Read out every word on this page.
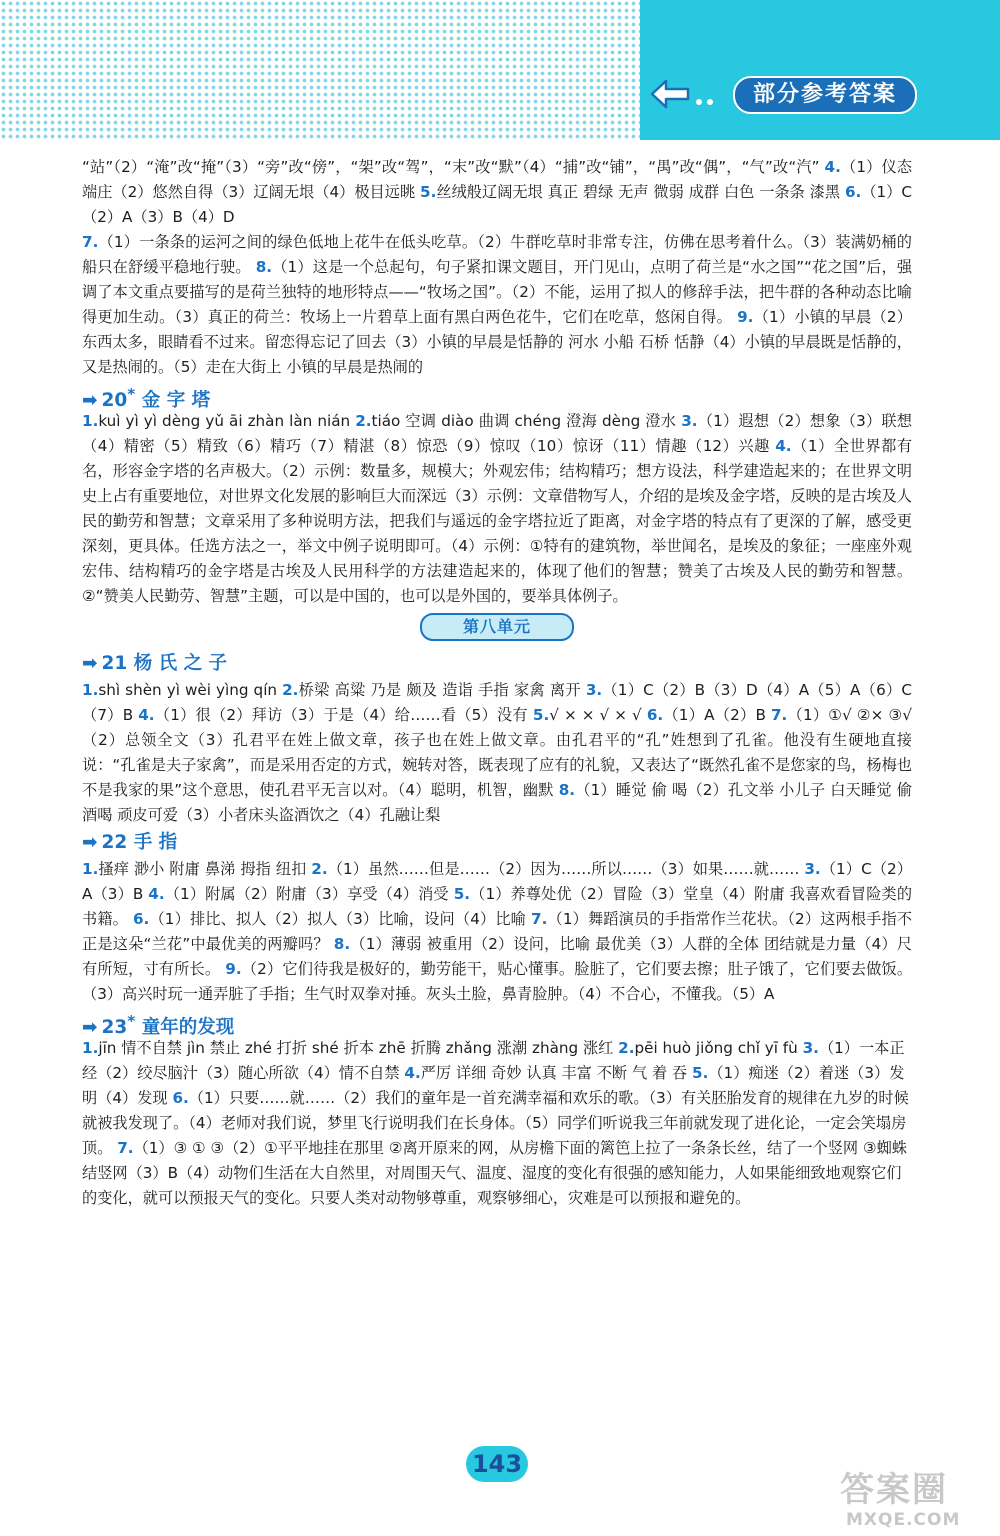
部分参考答案

“站”（2）“淹”改“掩”（3）“旁”改“傍”，“架”改“驾”，“末”改“默”（4）“捕”改“铺”，“禺”改“偶”，“气”改“汽” 4.（1）仪态端庄（2）悠然自得（3）辽阔无垠（4）极目远眺 5.丝绒般辽阔无垠 真正 碧绿 无声 微弱 成群 白色 一条条 漆黑 6.（1）C（2）A（3）B（4）D

7.（1）一条条的运河之间的绿色低地上花牛在低头吃草。（2）牛群吃草时非常专注，仿佛在思考着什么。（3）装满奶桶的船只在舒缓平稳地行驶。 8.（1）这是一个总起句，句子紧扣课文题目，开门见山，点明了荷兰是“水之国”“花之国”后，强调了本文重点要描写的是荷兰独特的地形特点——“牧场之国”。（2）不能，运用了拟人的修辞手法，把牛群的各种动态比喻得更加生动。（3）真正的荷兰：牧场上一片碧草上面有黑白两色花牛，它们在吃草，悠闲自得。 9.（1）小镇的早晨（2）东西太多，眼睛看不过来。留恋得忘记了回去（3）小镇的早晨是恬静的 河水 小船 石桥 恬静（4）小镇的早晨既是恬静的，又是热闹的。（5）走在大街上 小镇的早晨是热闹的

➡ 20* 金 字 塔

1.kuì yì yì dèng yǔ āi zhàn làn nián 2.tiáo 空调 diào 曲调 chéng 澄海 dèng 澄水 3.（1）遐想（2）想象（3）联想（4）精密（5）精致（6）精巧（7）精湛（8）惊恐（9）惊叹（10）惊讶（11）情趣（12）兴趣 4.（1）全世界都有名，形容金字塔的名声极大。（2）示例：数量多，规模大；外观宏伟；结构精巧；想方设法，科学建造起来的；在世界文明史上占有重要地位，对世界文化发展的影响巨大而深远（3）示例：文章借物写人，介绍的是埃及金字塔，反映的是古埃及人民的勤劳和智慧；文章采用了多种说明方法，把我们与遥远的金字塔拉近了距离，对金字塔的特点有了更深的了解，感受更深刻，更具体。任选方法之一，举文中例子说明即可。（4）示例：①特有的建筑物，举世闻名，是埃及的象征；一座座外观宏伟、结构精巧的金字塔是古埃及人民用科学的方法建造起来的，体现了他们的智慧；赞美了古埃及人民的勤劳和智慧。②“赞美人民勤劳、智慧”主题，可以是中国的，也可以是外国的，要举具体例子。

第八单元
➡ 21 杨 氏 之 子

1.shì shèn yì wèi yìng qín 2.桥梁 高粱 乃是 颇及 造诣 手指 家禽 离开 3.（1）C（2）B（3）D（4）A（5）A（6）C（7）B 4.（1）很（2）拜访（3）于是（4）给……看（5）没有 5.√ × × √ × √ 6.（1）A（2）B 7.（1）①√ ②× ③√（2）总领全文（3）孔君平在姓上做文章，孩子也在姓上做文章。由孔君平的“孔”姓想到了孔雀。他没有生硬地直接说：“孔雀是夫子家禽”，而是采用否定的方式，婉转对答，既表现了应有的礼貌，又表达了“既然孔雀不是您家的鸟，杨梅也不是我家的果”这个意思，使孔君平无言以对。（4）聪明，机智，幽默 8.（1）睡觉 偷 喝（2）孔文举 小儿子 白天睡觉 偷酒喝 顽皮可爱（3）小者床头盗酒饮之（4）孔融让梨

➡ 22 手 指

1.搔痒 渺小 附庸 鼻涕 拇指 纽扣 2.（1）虽然……但是……（2）因为……所以……（3）如果……就…… 3.（1）C（2）A（3）B 4.（1）附属（2）附庸（3）享受（4）消受 5.（1）养尊处优（2）冒险（3）堂皇（4）附庸 我喜欢看冒险类的书籍。 6.（1）排比、拟人（2）拟人（3）比喻，设问（4）比喻 7.（1）舞蹈演员的手指常作兰花状。（2）这两根手指不正是这朵“兰花”中最优美的两瓣吗？ 8.（1）薄弱 被重用（2）设问，比喻 最优美（3）人群的全体 团结就是力量（4）尺有所短，寸有所长。 9.（2）它们待我是极好的，勤劳能干，贴心懂事。脸脏了，它们要去擦；肚子饿了，它们要去做饭。（3）高兴时玩一通弄脏了手指；生气时双拳对捶。灰头土脸，鼻青脸肿。（4）不合心，不懂我。（5）A

➡ 23* 童年的发现

1.jīn 情不自禁 jìn 禁止 zhé 打折 shé 折本 zhē 折腾 zhǎng 涨潮 zhàng 涨红 2.pēi huò jiǒng chǐ yī fù 3.（1）一本正经（2）绞尽脑汁（3）随心所欲（4）情不自禁 4.严厉 详细 奇妙 认真 丰富 不断 气 着 吞 5.（1）痴迷（2）着迷（3）发明（4）发现 6.（1）只要……就……（2）我们的童年是一首充满幸福和欢乐的歌。（3）有关胚胎发育的规律在九岁的时候就被我发现了。（4）老师对我们说，梦里飞行说明我们在长身体。（5）同学们听说我三年前就发现了进化论，一定会笑塌房顶。 7.（1）③ ① ③（2）①平平地挂在那里 ②离开原来的网，从房檐下面的篱笆上拉了一条条长丝，结了一个竖网 ③蜘蛛结竖网（3）B（4）动物们生活在大自然里，对周围天气、温度、湿度的变化有很强的感知能力，人如果能细致地观察它们的变化，就可以预报天气的变化。只要人类对动物够尊重，观察够细心，灾难是可以预报和避免的。

143
答案圈
MXQE.COM
